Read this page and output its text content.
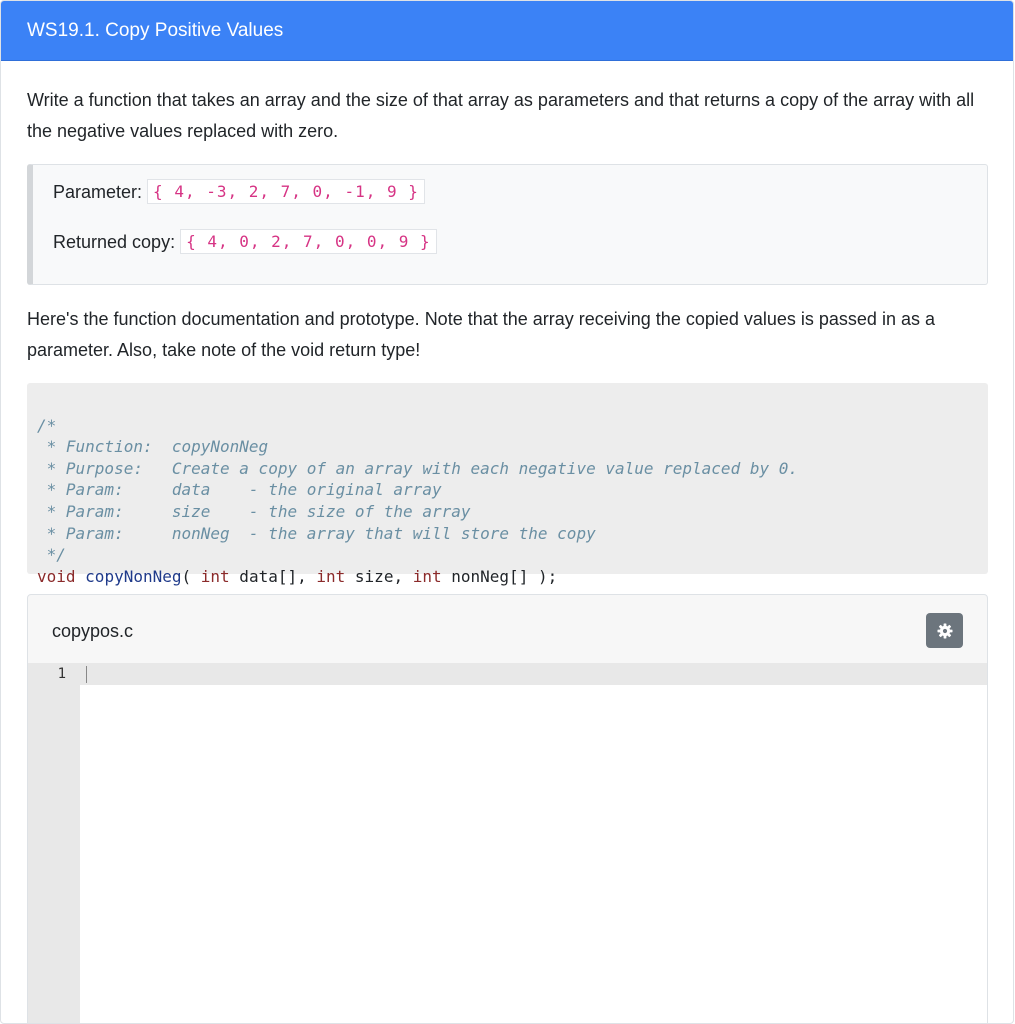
WS19.1. Copy Positive Values

Write a function that takes an array and the size of that array as parameters and that returns a copy of the array with all the negative values replaced with zero.

Parameter: { 4, -3, 2, 7, 0, -1, 9 }
Returned copy: { 4, 0, 2, 7, 0, 0, 9 }

Here's the function documentation and prototype. Note that the array receiving the copied values is passed in as a parameter. Also, take note of the void return type!

/*
* Function:  copyNonNeg
* Purpose:   Create a copy of an array with each negative value replaced by 0.
* Param:     data    - the original array
* Param:     size    - the size of the array
* Param:     nonNeg  - the array that will store the copy
*/
void copyNonNeg( int data[], int size, int nonNeg[] );

copypos.c
1
